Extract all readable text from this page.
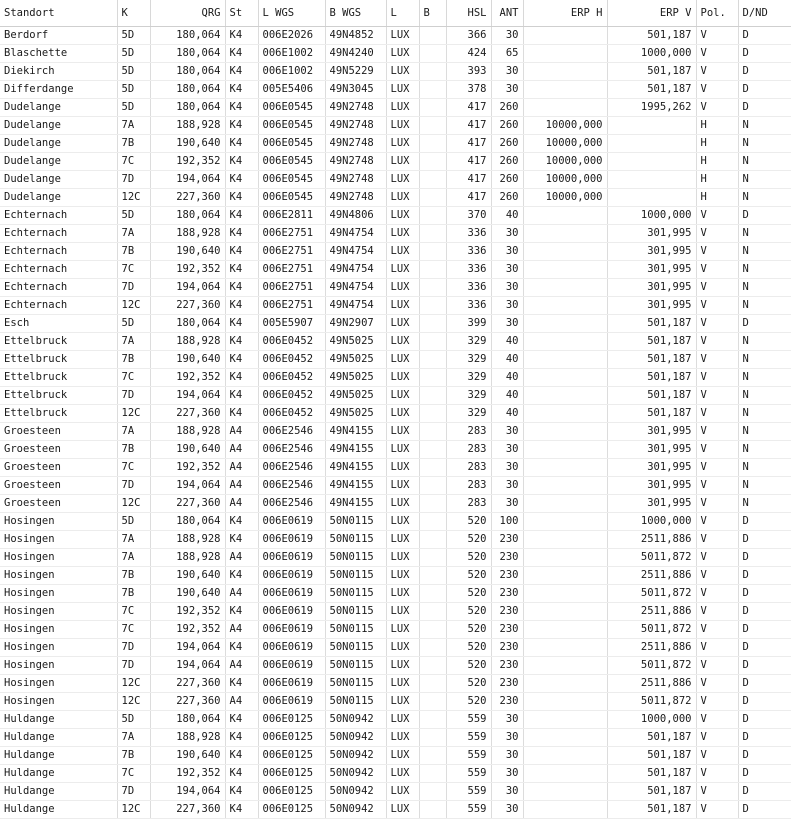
Standort	K	QRG	St	L WGS	B WGS	L	B	HSL	ANT	ERP H	ERP V	Pol.	D/ND
Berdorf	5D	180,064	K4	006E2026	49N4852	LUX		366	30		501,187	V	D
Blaschette	5D	180,064	K4	006E1002	49N4240	LUX		424	65		1000,000	V	D
Diekirch	5D	180,064	K4	006E1002	49N5229	LUX		393	30		501,187	V	D
Differdange	5D	180,064	K4	005E5406	49N3045	LUX		378	30		501,187	V	D
Dudelange	5D	180,064	K4	006E0545	49N2748	LUX		417	260		1995,262	V	D
Dudelange	7A	188,928	K4	006E0545	49N2748	LUX		417	260	10000,000		H	N
Dudelange	7B	190,640	K4	006E0545	49N2748	LUX		417	260	10000,000		H	N
Dudelange	7C	192,352	K4	006E0545	49N2748	LUX		417	260	10000,000		H	N
Dudelange	7D	194,064	K4	006E0545	49N2748	LUX		417	260	10000,000		H	N
Dudelange	12C	227,360	K4	006E0545	49N2748	LUX		417	260	10000,000		H	N
Echternach	5D	180,064	K4	006E2811	49N4806	LUX		370	40		1000,000	V	D
Echternach	7A	188,928	K4	006E2751	49N4754	LUX		336	30		301,995	V	N
Echternach	7B	190,640	K4	006E2751	49N4754	LUX		336	30		301,995	V	N
Echternach	7C	192,352	K4	006E2751	49N4754	LUX		336	30		301,995	V	N
Echternach	7D	194,064	K4	006E2751	49N4754	LUX		336	30		301,995	V	N
Echternach	12C	227,360	K4	006E2751	49N4754	LUX		336	30		301,995	V	N
Esch	5D	180,064	K4	005E5907	49N2907	LUX		399	30		501,187	V	D
Ettelbruck	7A	188,928	K4	006E0452	49N5025	LUX		329	40		501,187	V	N
Ettelbruck	7B	190,640	K4	006E0452	49N5025	LUX		329	40		501,187	V	N
Ettelbruck	7C	192,352	K4	006E0452	49N5025	LUX		329	40		501,187	V	N
Ettelbruck	7D	194,064	K4	006E0452	49N5025	LUX		329	40		501,187	V	N
Ettelbruck	12C	227,360	K4	006E0452	49N5025	LUX		329	40		501,187	V	N
Groesteen	7A	188,928	A4	006E2546	49N4155	LUX		283	30		301,995	V	N
Groesteen	7B	190,640	A4	006E2546	49N4155	LUX		283	30		301,995	V	N
Groesteen	7C	192,352	A4	006E2546	49N4155	LUX		283	30		301,995	V	N
Groesteen	7D	194,064	A4	006E2546	49N4155	LUX		283	30		301,995	V	N
Groesteen	12C	227,360	A4	006E2546	49N4155	LUX		283	30		301,995	V	N
Hosingen	5D	180,064	K4	006E0619	50N0115	LUX		520	100		1000,000	V	D
Hosingen	7A	188,928	K4	006E0619	50N0115	LUX		520	230		2511,886	V	D
Hosingen	7A	188,928	A4	006E0619	50N0115	LUX		520	230		5011,872	V	D
Hosingen	7B	190,640	K4	006E0619	50N0115	LUX		520	230		2511,886	V	D
Hosingen	7B	190,640	A4	006E0619	50N0115	LUX		520	230		5011,872	V	D
Hosingen	7C	192,352	K4	006E0619	50N0115	LUX		520	230		2511,886	V	D
Hosingen	7C	192,352	A4	006E0619	50N0115	LUX		520	230		5011,872	V	D
Hosingen	7D	194,064	K4	006E0619	50N0115	LUX		520	230		2511,886	V	D
Hosingen	7D	194,064	A4	006E0619	50N0115	LUX		520	230		5011,872	V	D
Hosingen	12C	227,360	K4	006E0619	50N0115	LUX		520	230		2511,886	V	D
Hosingen	12C	227,360	A4	006E0619	50N0115	LUX		520	230		5011,872	V	D
Huldange	5D	180,064	K4	006E0125	50N0942	LUX		559	30		1000,000	V	D
Huldange	7A	188,928	K4	006E0125	50N0942	LUX		559	30		501,187	V	D
Huldange	7B	190,640	K4	006E0125	50N0942	LUX		559	30		501,187	V	D
Huldange	7C	192,352	K4	006E0125	50N0942	LUX		559	30		501,187	V	D
Huldange	7D	194,064	K4	006E0125	50N0942	LUX		559	30		501,187	V	D
Huldange	12C	227,360	K4	006E0125	50N0942	LUX		559	30		501,187	V	D
